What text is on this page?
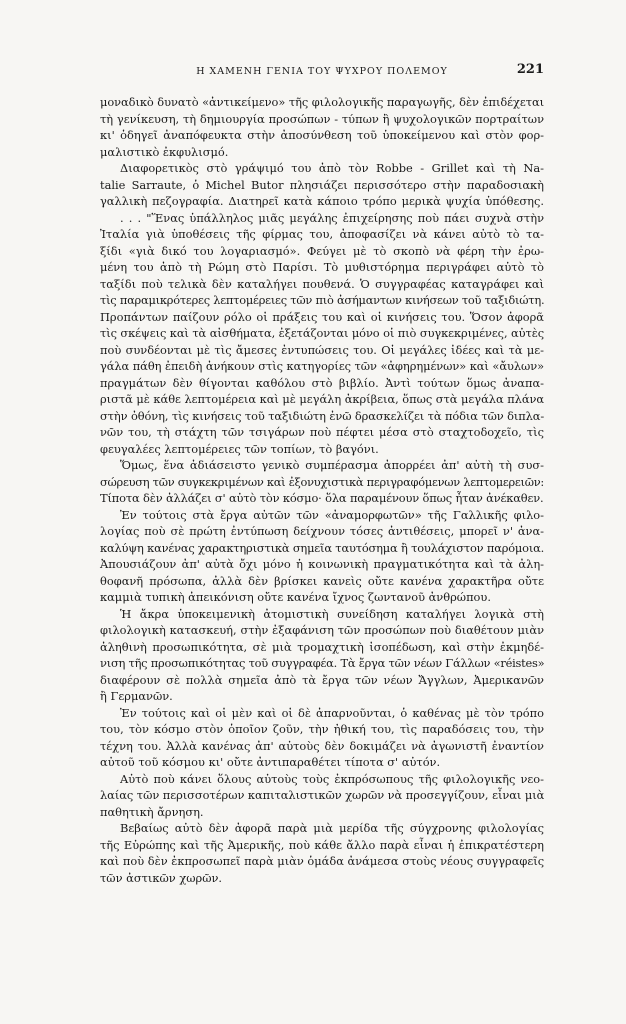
Η ΧΑΜΕΝΗ ΓΕΝΙΑ ΤΟΥ ΨΥΧΡΟΥ ΠΟΛΕΜΟΥ	221
μοναδικὸ δυνατὸ «ἀντικείμενο» τῆς φιλολογικῆς παραγωγῆς, δὲν ἐπιδέχεται
τὴ γενίκευση, τὴ δημιουργία προσώπων - τύπων ἢ ψυχολογικῶν πορτραίτων
κι' ὁδηγεῖ ἀναπόφευκτα στὴν ἀποσύνθεση τοῦ ὑποκείμενου καὶ στὸν φορ-
μαλιστικὸ ἐκφυλισμό.
Διαφορετικὸς στὸ γράψιμό του ἀπὸ τὸν Robbe - Grillet καὶ τὴ Na-
talie Sarraute, ὁ Michel Butor πλησιάζει περισσότερο στὴν παραδοσιακὴ
γαλλικὴ πεζογραφία. Διατηρεῖ κατὰ κάποιο τρόπο μερικὰ ψυχία ὑπόθεσης.
. . . "Ἕνας ὑπάλληλος μιᾶς μεγάλης ἐπιχείρησης ποὺ πάει συχνὰ στὴν
Ἰταλία γιὰ ὑποθέσεις τῆς φίρμας του, ἀποφασίζει νὰ κάνει αὐτὸ τὸ τα-
ξίδι «γιὰ δικό του λογαριασμό». Φεύγει μὲ τὸ σκοπὸ νὰ φέρη τὴν ἐρω-
μένη του ἀπὸ τὴ Ρώμη στὸ Παρίσι. Τὸ μυθιστόρημα περιγράφει αὐτὸ τὸ
ταξίδι ποὺ τελικὰ δὲν καταλήγει πουθενά. Ὁ συγγραφέας καταγράφει καὶ
τὶς παραμικρότερες λεπτομέρειες τῶν πιὸ ἀσήμαντων κινήσεων τοῦ ταξιδιώτη.
Προπάντων παίζουν ρόλο οἱ πράξεις του καὶ οἱ κινήσεις του. Ὅσον ἀφορᾶ
τὶς σκέψεις καὶ τὰ αἰσθήματα, ἐξετάζονται μόνο οἱ πιὸ συγκεκριμένες, αὐτὲς
ποὺ συνδέονται μὲ τὶς ἄμεσες ἐντυπώσεις του. Οἱ μεγάλες ἰδέες καὶ τὰ με-
γάλα πάθη ἐπειδὴ ἀνήκουν στὶς κατηγορίες τῶν «ἀφηρημένων» καὶ «ἄυλων»
πραγμάτων δὲν θίγονται καθόλου στὸ βιβλίο. Ἀντὶ τούτων ὅμως ἀναπα-
ριστᾶ μὲ κάθε λεπτομέρεια καὶ μὲ μεγάλη ἀκρίβεια, ὅπως στὰ μεγάλα πλάνα
στὴν ὀθόνη, τὶς κινήσεις τοῦ ταξιδιώτη ἐνῶ δρασκελίζει τὰ πόδια τῶν διπλα-
νῶν του, τὴ στάχτη τῶν τσιγάρων ποὺ πέφτει μέσα στὸ σταχτοδοχεῖο, τὶς
φευγαλέες λεπτομέρειες τῶν τοπίων, τὸ βαγόνι.
Ὅμως, ἕνα ἀδιάσειστο γενικὸ συμπέρασμα ἀπορρέει ἀπ' αὐτὴ τὴ συσ-
σώρευση τῶν συγκεκριμένων καὶ ἐξονυχιστικὰ περιγραφόμενων λεπτομερειῶν:
Τίποτα δὲν ἀλλάζει σ' αὐτὸ τὸν κόσμο· ὅλα παραμένουν ὅπως ἦταν ἀνέκαθεν.
Ἐν τούτοις στὰ ἔργα αὐτῶν τῶν «ἀναμορφωτῶν» τῆς Γαλλικῆς φιλο-
λογίας ποὺ σὲ πρώτη ἐντύπωση δείχνουν τόσες ἀντιθέσεις, μπορεῖ ν' ἀνα-
καλύψη κανένας χαρακτηριστικὰ σημεῖα ταυτόσημα ἢ τουλάχιστον παρόμοια.
Ἀπουσιάζουν ἀπ' αὐτὰ ὄχι μόνο ἡ κοινωνικὴ πραγματικότητα καὶ τὰ ἀλη-
θοφανῆ πρόσωπα, ἀλλὰ δὲν βρίσκει κανεὶς οὔτε κανένα χαρακτῆρα οὔτε
καμμιὰ τυπικὴ ἀπεικόνιση οὔτε κανένα ἴχνος ζωντανοῦ ἀνθρώπου.
Ἡ ἄκρα ὑποκειμενικὴ ἀτομιστικὴ συνείδηση καταλήγει λογικὰ στὴ
φιλολογικὴ κατασκευή, στὴν ἐξαφάνιση τῶν προσώπων ποὺ διαθέτουν μιὰν
ἀληθινὴ προσωπικότητα, σὲ μιὰ τρομαχτικὴ ἰσοπέδωση, καὶ στὴν ἐκμηδέ-
νιση τῆς προσωπικότητας τοῦ συγγραφέα. Τὰ ἔργα τῶν νέων Γάλλων «réistes»
διαφέρουν σὲ πολλὰ σημεῖα ἀπὸ τὰ ἔργα τῶν νέων Ἄγγλων, Ἀμερικανῶν
ἢ Γερμανῶν.
Ἐν τούτοις καὶ οἱ μὲν καὶ οἱ δὲ ἀπαρνοῦνται, ὁ καθένας μὲ τὸν τρόπο
του, τὸν κόσμο στὸν ὁποῖον ζοῦν, τὴν ἠθική του, τὶς παραδόσεις του, τὴν
τέχνη του. Ἀλλὰ κανένας ἀπ' αὐτοὺς δὲν δοκιμάζει νὰ ἀγωνιστῆ ἐναντίον
αὐτοῦ τοῦ κόσμου κι' οὔτε ἀντιπαραθέτει τίποτα σ' αὐτόν.
Αὐτὸ ποὺ κάνει ὅλους αὐτοὺς τοὺς ἐκπρόσωπους τῆς φιλολογικῆς νεο-
λαίας τῶν περισσοτέρων καπιταλιστικῶν χωρῶν νὰ προσεγγίζουν, εἶναι μιὰ
παθητικὴ ἄρνηση.
Βεβαίως αὐτὸ δὲν ἀφορᾶ παρὰ μιὰ μερίδα τῆς σύγχρονης φιλολογίας
τῆς Εὐρώπης καὶ τῆς Ἀμερικῆς, ποὺ κάθε ἄλλο παρὰ εἶναι ἡ ἐπικρατέστερη
καὶ ποὺ δὲν ἐκπροσωπεῖ παρὰ μιὰν ὁμάδα ἀνάμεσα στοὺς νέους συγγραφεῖς
τῶν ἀστικῶν χωρῶν.
